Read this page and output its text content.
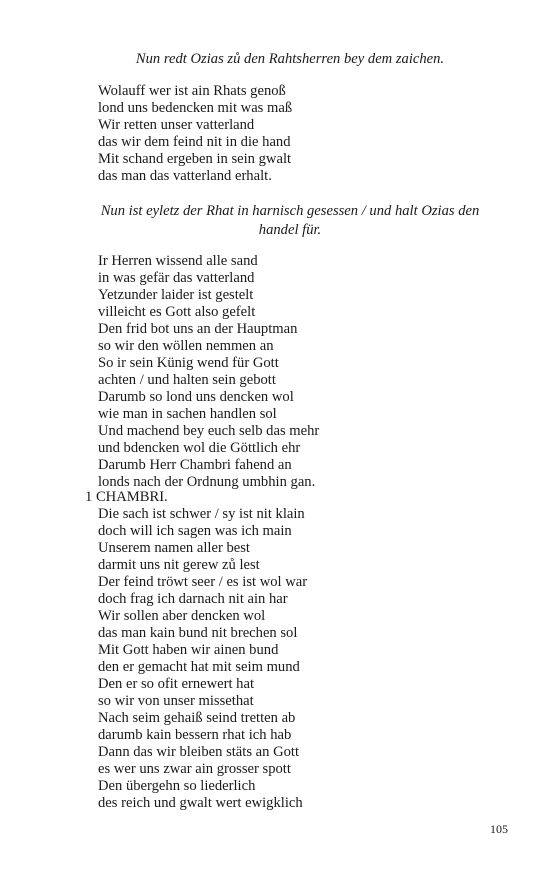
Nun redt Ozias zů den Rahtsherren bey dem zaichen.
Wolauff wer ist ain Rhats genoß
lond uns bedencken mit was maß
Wir retten unser vatterland
das wir dem feind nit in die hand
Mit schand ergeben in sein gwalt
das man das vatterland erhalt.
Nun ist eyletz der Rhat in harnisch gesessen / und halt Ozias den handel für.
Ir Herren wissend alle sand
in was gefär das vatterland
Yetzunder laider ist gestelt
villeicht es Gott also gefelt
Den frid bot uns an der Hauptman
so wir den wöllen nemmen an
So ir sein Künig wend für Gott
achten / und halten sein gebott
Darumb so lond uns dencken wol
wie man in sachen handlen sol
Und machend bey euch selb das mehr
und bdencken wol die Göttlich ehr
Darumb Herr Chambri fahend an
londs nach der Ordnung umbhin gan.
1 CHAMBRI.
Die sach ist schwer / sy ist nit klain
doch will ich sagen was ich main
Unserem namen aller best
darmit uns nit gerew zů lest
Der feind tröwt seer / es ist wol war
doch frag ich darnach nit ain har
Wir sollen aber dencken wol
das man kain bund nit brechen sol
Mit Gott haben wir ainen bund
den er gemacht hat mit seim mund
Den er so ofit ernewert hat
so wir von unser missethat
Nach seim gehaiß seind tretten ab
darumb kain bessern rhat ich hab
Dann das wir bleiben stäts an Gott
es wer uns zwar ain grosser spott
Den übergehn so liederlich
des reich und gwalt wert ewigklich
105
